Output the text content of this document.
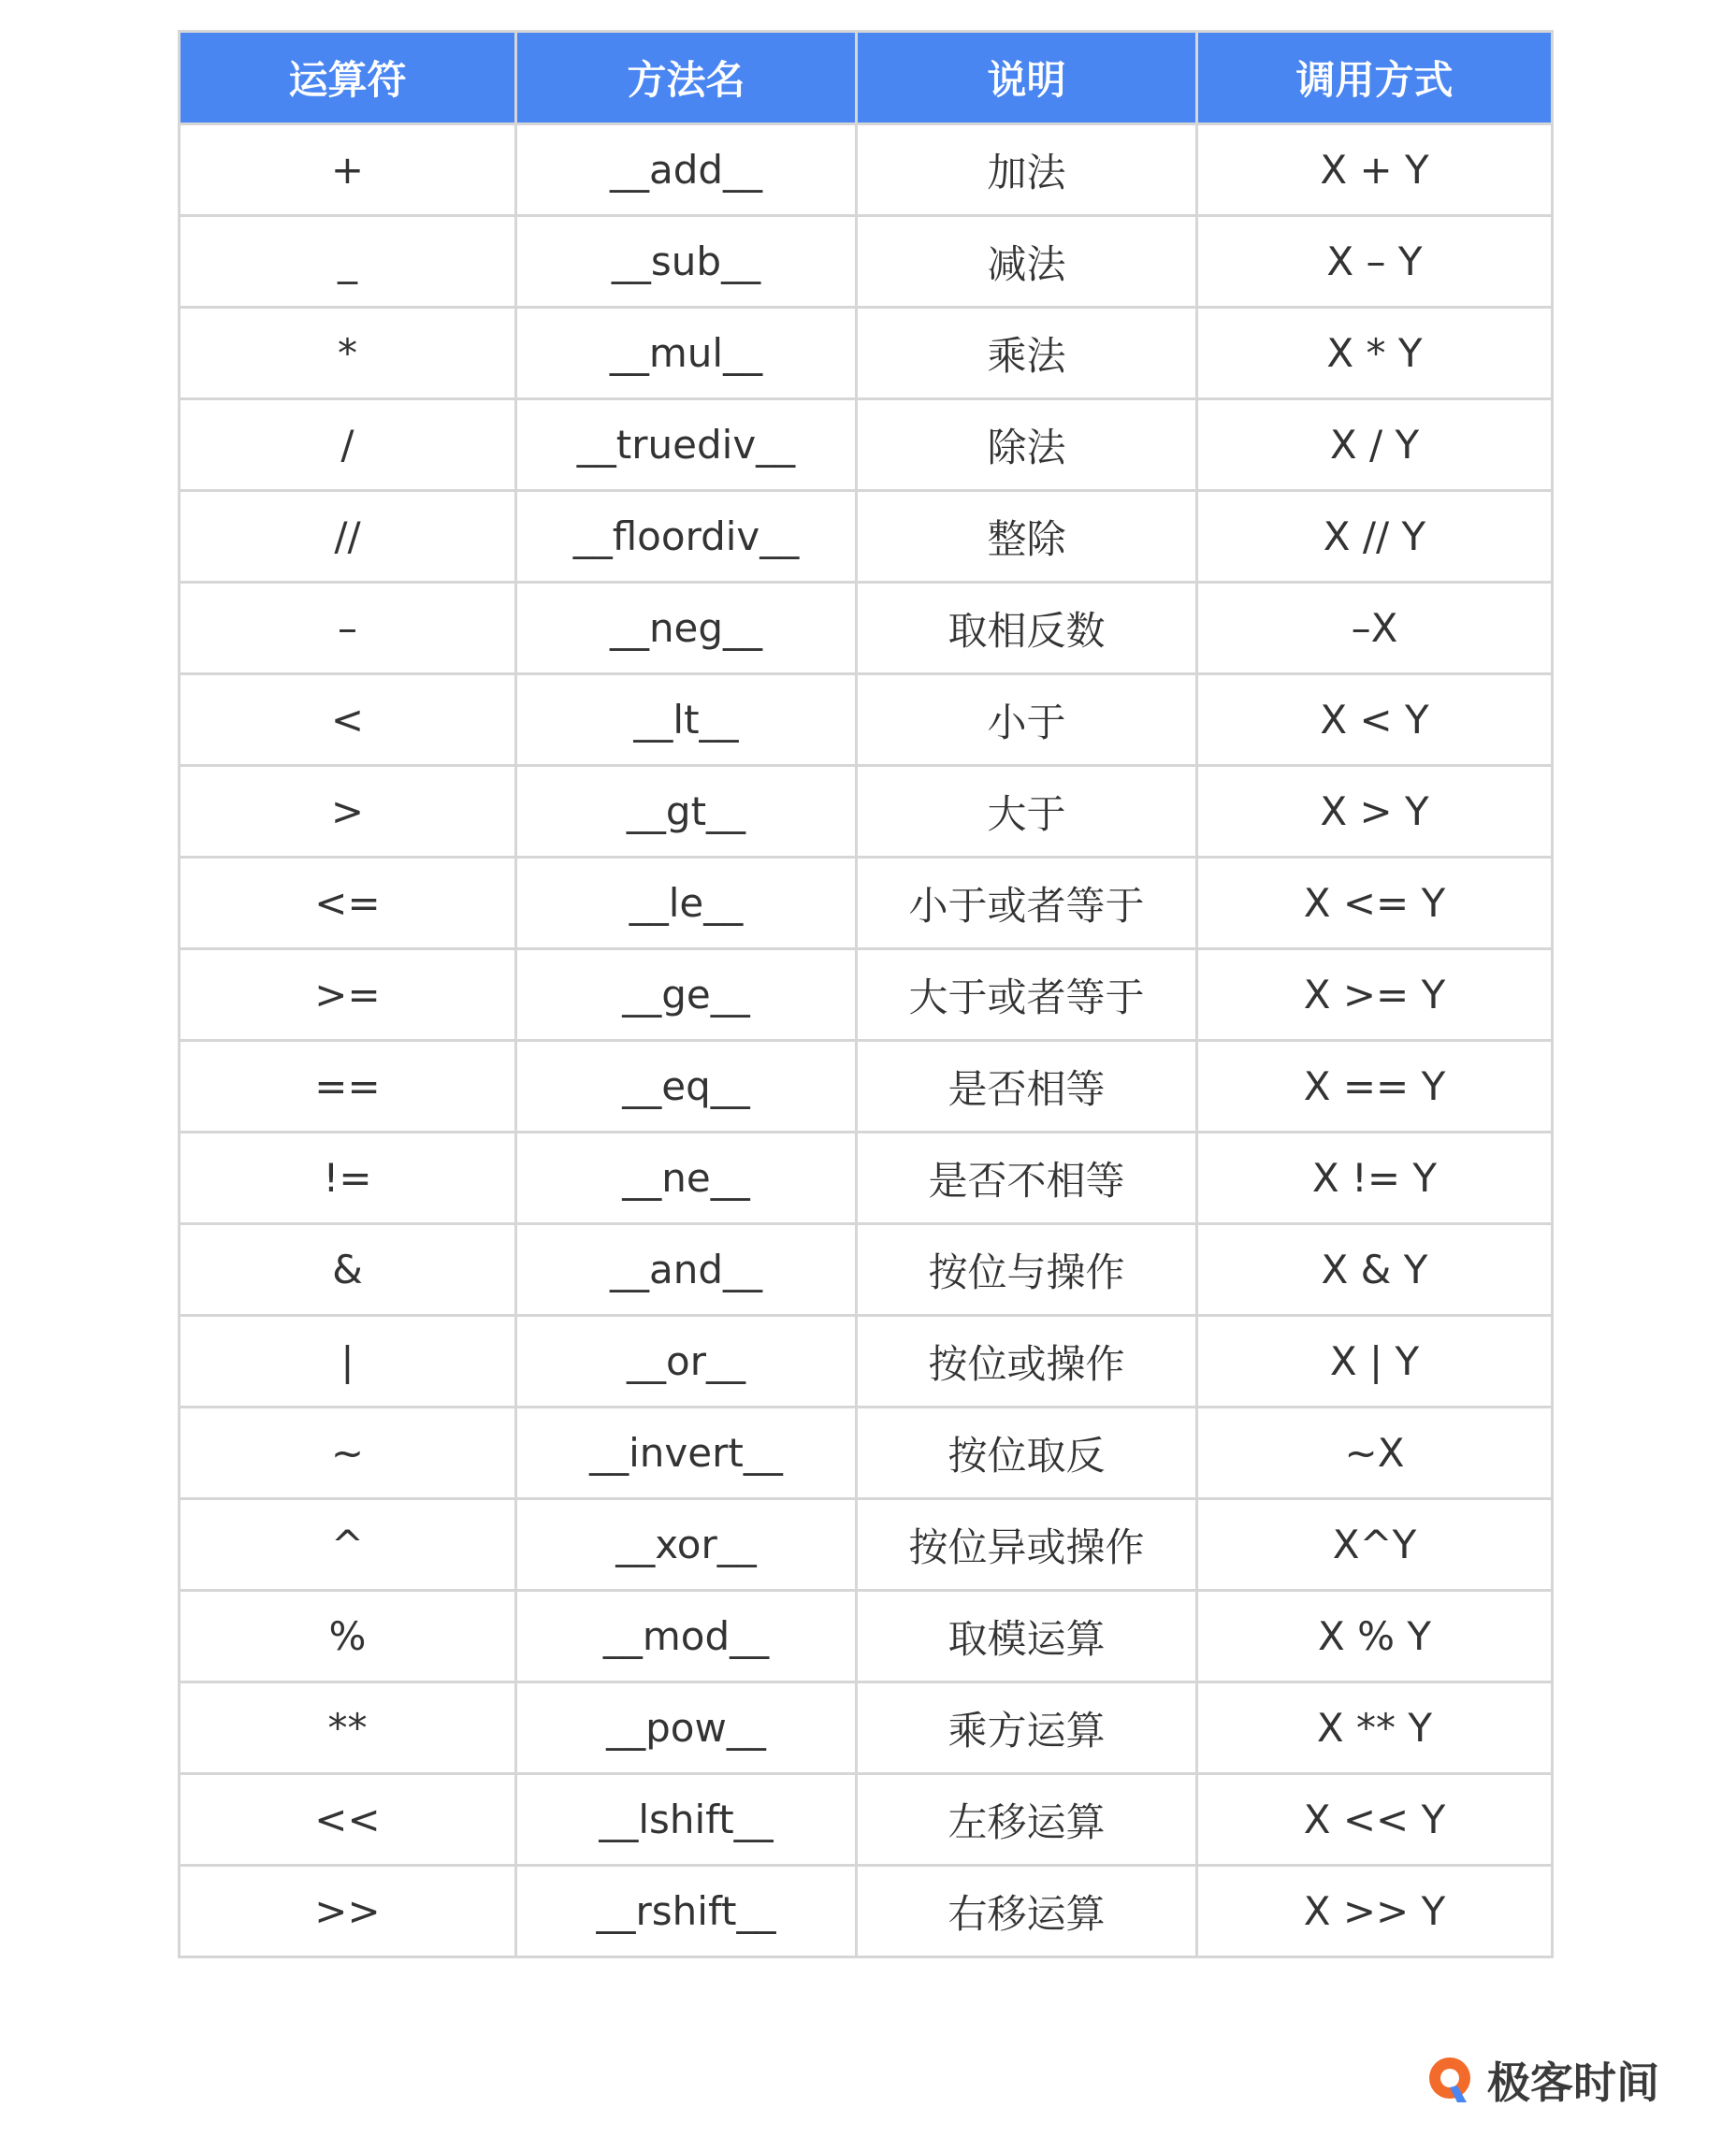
运算符	方法名	说明	调用方式
+	__add__	加法	X + Y
_	__sub__	减法	X – Y
*	__mul__	乘法	X * Y
/	__truediv__	除法	X / Y
//	__floordiv__	整除	X // Y
–	__neg__	取相反数	–X
<	__lt__	小于	X < Y
>	__gt__	大于	X > Y
<=	__le__	小于或者等于	X <= Y
>=	__ge__	大于或者等于	X >= Y
==	__eq__	是否相等	X == Y
!=	__ne__	是否不相等	X != Y
&	__and__	按位与操作	X & Y
|	__or__	按位或操作	X | Y
~	__invert__	按位取反	~X
^	__xor__	按位异或操作	X^Y
%	__mod__	取模运算	X % Y
**	__pow__	乘方运算	X ** Y
<<	__lshift__	左移运算	X << Y
>>	__rshift__	右移运算	X >> Y
极客时间
